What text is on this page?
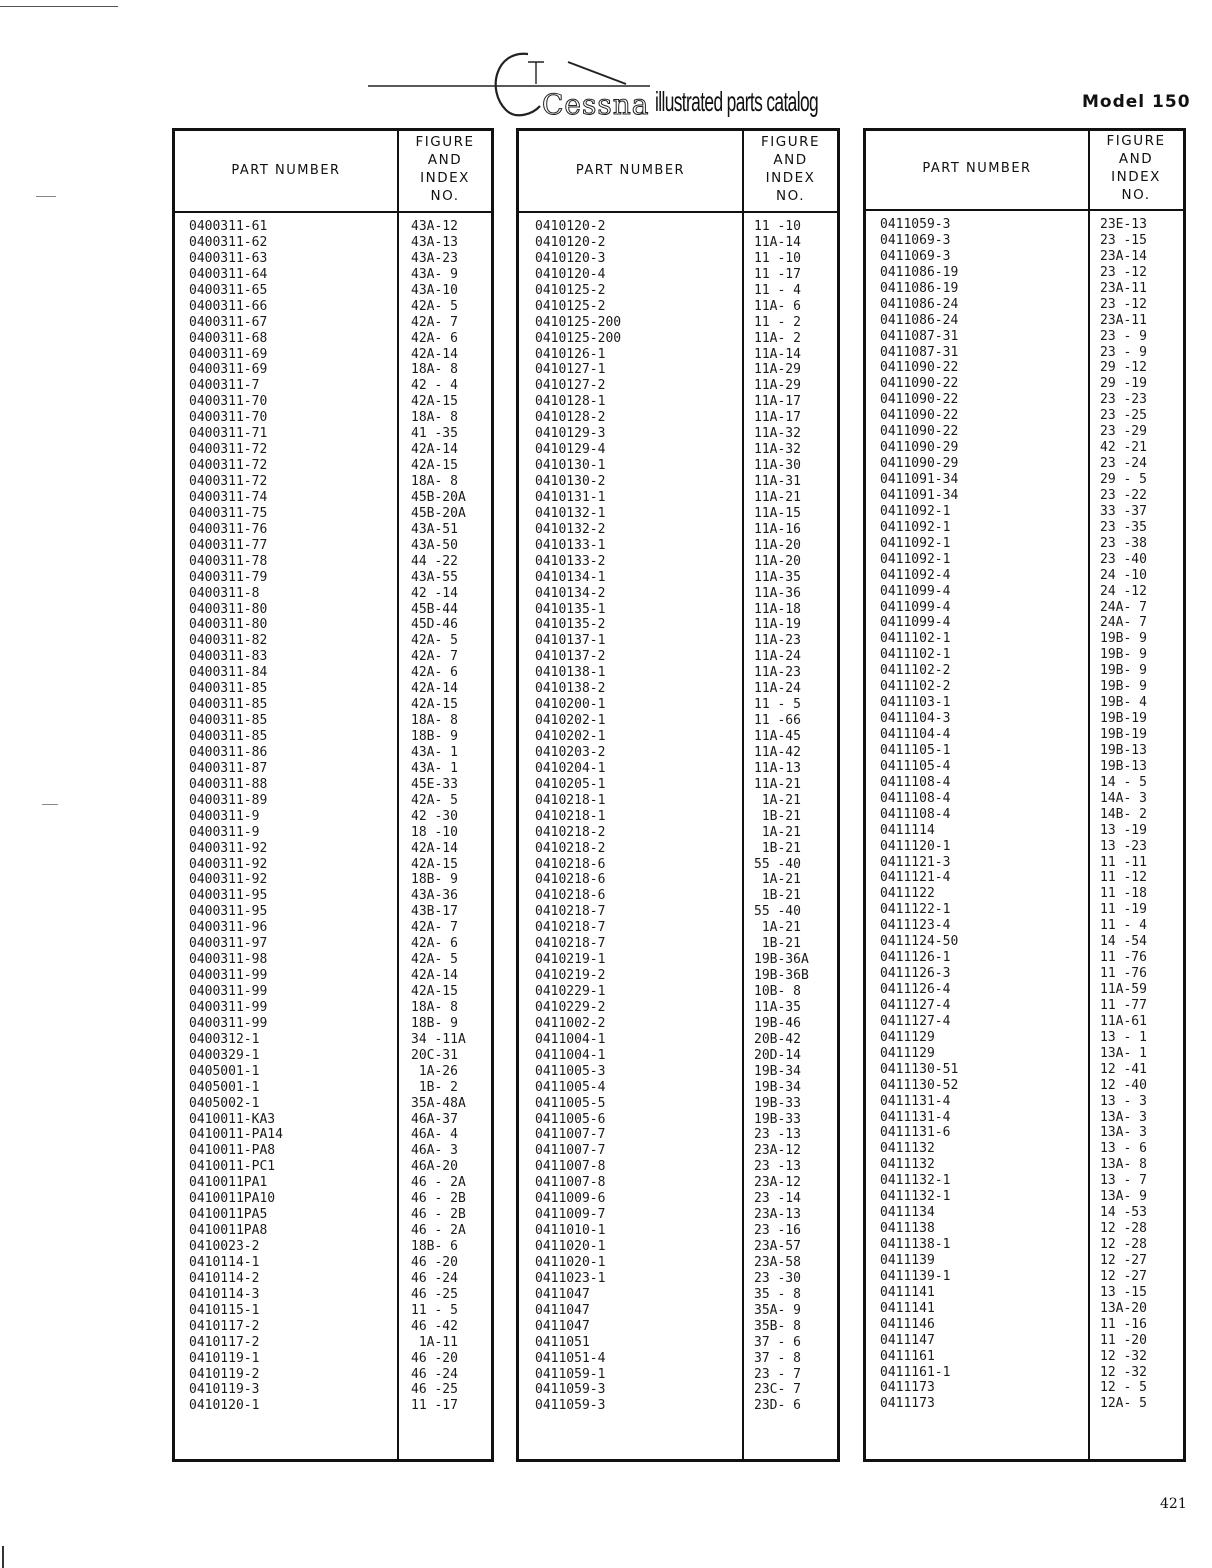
Cessna illustrated parts catalog	Model 150
PART NUMBER
FIGURE
AND
INDEX
NO.
0400311-61	43A-12
0400311-62	43A-13
0400311-63	43A-23
0400311-64	43A- 9
0400311-65	43A-10
0400311-66	42A- 5
0400311-67	42A- 7
0400311-68	42A- 6
0400311-69	42A-14
0400311-69	18A- 8
0400311-7	42 - 4
0400311-70	42A-15
0400311-70	18A- 8
0400311-71	41 -35
0400311-72	42A-14
0400311-72	42A-15
0400311-72	18A- 8
0400311-74	45B-20A
0400311-75	45B-20A
0400311-76	43A-51
0400311-77	43A-50
0400311-78	44 -22
0400311-79	43A-55
0400311-8	42 -14
0400311-80	45B-44
0400311-80	45D-46
0400311-82	42A- 5
0400311-83	42A- 7
0400311-84	42A- 6
0400311-85	42A-14
0400311-85	42A-15
0400311-85	18A- 8
0400311-85	18B- 9
0400311-86	43A- 1
0400311-87	43A- 1
0400311-88	45E-33
0400311-89	42A- 5
0400311-9	42 -30
0400311-9	18 -10
0400311-92	42A-14
0400311-92	42A-15
0400311-92	18B- 9
0400311-95	43A-36
0400311-95	43B-17
0400311-96	42A- 7
0400311-97	42A- 6
0400311-98	42A- 5
0400311-99	42A-14
0400311-99	42A-15
0400311-99	18A- 8
0400311-99	18B- 9
0400312-1	34 -11A
0400329-1	20C-31
0405001-1	1A-26
0405001-1	1B- 2
0405002-1	35A-48A
0410011-KA3	46A-37
0410011-PA14	46A- 4
0410011-PA8	46A- 3
0410011-PC1	46A-20
0410011PA1	46 - 2A
0410011PA10	46 - 2B
0410011PA5	46 - 2B
0410011PA8	46 - 2A
0410023-2	18B- 6
0410114-1	46 -20
0410114-2	46 -24
0410114-3	46 -25
0410115-1	11 - 5
0410117-2	46 -42
0410117-2	1A-11
0410119-1	46 -20
0410119-2	46 -24
0410119-3	46 -25
0410120-1	11 -17
PART NUMBER
FIGURE
AND
INDEX
NO.
0410120-2	11 -10
0410120-2	11A-14
0410120-3	11 -10
0410120-4	11 -17
0410125-2	11 - 4
0410125-2	11A- 6
0410125-200	11 - 2
0410125-200	11A- 2
0410126-1	11A-14
0410127-1	11A-29
0410127-2	11A-29
0410128-1	11A-17
0410128-2	11A-17
0410129-3	11A-32
0410129-4	11A-32
0410130-1	11A-30
0410130-2	11A-31
0410131-1	11A-21
0410132-1	11A-15
0410132-2	11A-16
0410133-1	11A-20
0410133-2	11A-20
0410134-1	11A-35
0410134-2	11A-36
0410135-1	11A-18
0410135-2	11A-19
0410137-1	11A-23
0410137-2	11A-24
0410138-1	11A-23
0410138-2	11A-24
0410200-1	11 - 5
0410202-1	11 -66
0410202-1	11A-45
0410203-2	11A-42
0410204-1	11A-13
0410205-1	11A-21
0410218-1	1A-21
0410218-1	1B-21
0410218-2	1A-21
0410218-2	1B-21
0410218-6	55 -40
0410218-6	1A-21
0410218-6	1B-21
0410218-7	55 -40
0410218-7	1A-21
0410218-7	1B-21
0410219-1	19B-36A
0410219-2	19B-36B
0410229-1	10B- 8
0410229-2	11A-35
0411002-2	19B-46
0411004-1	20B-42
0411004-1	20D-14
0411005-3	19B-34
0411005-4	19B-34
0411005-5	19B-33
0411005-6	19B-33
0411007-7	23 -13
0411007-7	23A-12
0411007-8	23 -13
0411007-8	23A-12
0411009-6	23 -14
0411009-7	23A-13
0411010-1	23 -16
0411020-1	23A-57
0411020-1	23A-58
0411023-1	23 -30
0411047	35 - 8
0411047	35A- 9
0411047	35B- 8
0411051	37 - 6
0411051-4	37 - 8
0411059-1	23 - 7
0411059-3	23C- 7
0411059-3	23D- 6
PART NUMBER
FIGURE
AND
INDEX
NO.
0411059-3	23E-13
0411069-3	23 -15
0411069-3	23A-14
0411086-19	23 -12
0411086-19	23A-11
0411086-24	23 -12
0411086-24	23A-11
0411087-31	23 - 9
0411087-31	23 - 9
0411090-22	29 -12
0411090-22	29 -19
0411090-22	23 -23
0411090-22	23 -25
0411090-22	23 -29
0411090-29	42 -21
0411090-29	23 -24
0411091-34	29 - 5
0411091-34	23 -22
0411092-1	33 -37
0411092-1	23 -35
0411092-1	23 -38
0411092-1	23 -40
0411092-4	24 -10
0411099-4	24 -12
0411099-4	24A- 7
0411099-4	24A- 7
0411102-1	19B- 9
0411102-1	19B- 9
0411102-2	19B- 9
0411102-2	19B- 9
0411103-1	19B- 4
0411104-3	19B-19
0411104-4	19B-19
0411105-1	19B-13
0411105-4	19B-13
0411108-4	14 - 5
0411108-4	14A- 3
0411108-4	14B- 2
0411114	13 -19
0411120-1	13 -23
0411121-3	11 -11
0411121-4	11 -12
0411122	11 -18
0411122-1	11 -19
0411123-4	11 - 4
0411124-50	14 -54
0411126-1	11 -76
0411126-3	11 -76
0411126-4	11A-59
0411127-4	11 -77
0411127-4	11A-61
0411129	13 - 1
0411129	13A- 1
0411130-51	12 -41
0411130-52	12 -40
0411131-4	13 - 3
0411131-4	13A- 3
0411131-6	13A- 3
0411132	13 - 6
0411132	13A- 8
0411132-1	13 - 7
0411132-1	13A- 9
0411134	14 -53
0411138	12 -28
0411138-1	12 -28
0411139	12 -27
0411139-1	12 -27
0411141	13 -15
0411141	13A-20
0411146	11 -16
0411147	11 -20
0411161	12 -32
0411161-1	12 -32
0411173	12 - 5
0411173	12A- 5
421
